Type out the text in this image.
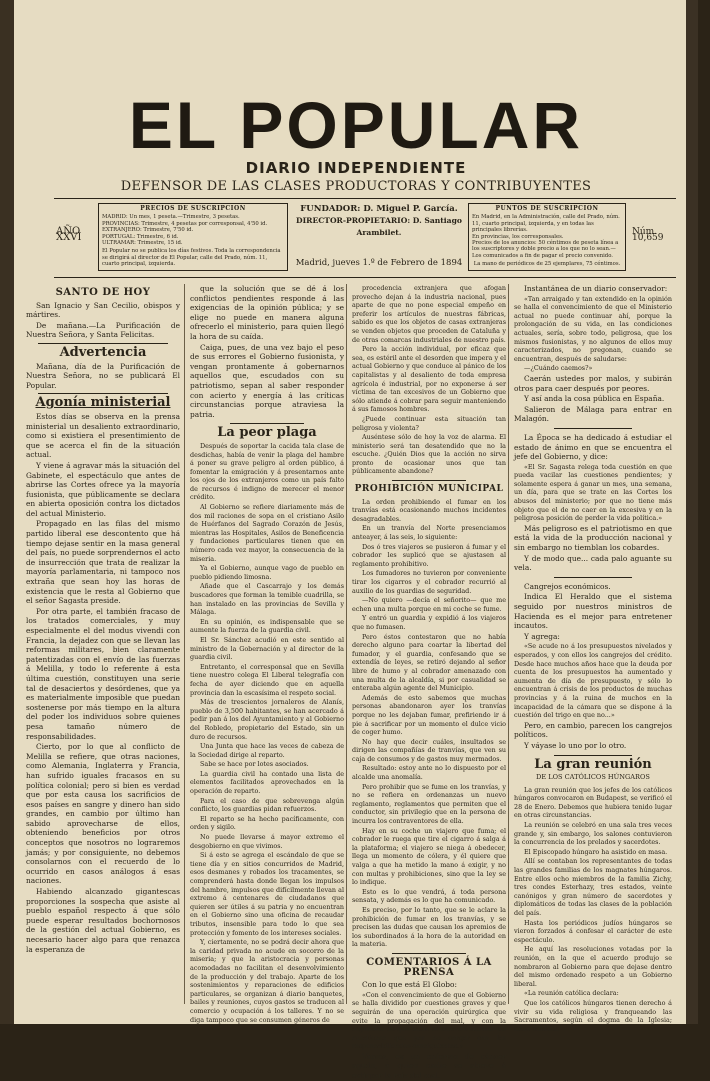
EL POPULAR
DIARIO INDEPENDIENTE
DEFENSOR DE LAS CLASES PRODUCTORAS Y CONTRIBUYENTES
AÑO XXVI
PRECIOS DE SUSCRIPCION
MADRID: Un mes, 1 peseta.—Trimestre, 3 pesetas.
PROVINCIAS: Trimestre, 4 pesetas por corresponsal, 4'50 id.
EXTRANJERO: Trimestre, 7'50 id.
PORTUGAL: Trimestre, 6 id.
ULTRAMAR: Trimestre, 15 id.
El Popular no se publica los días festivos. Toda la correspondencia se dirigirá al director de El Popular, calle del Prado, núm. 11, cuarto principal, izquierda.
FUNDADOR: D. Miguel P. García.
DIRECTOR-PROPIETARIO: D. Santiago Arambilet.
Madrid, jueves 1.º de Febrero de 1894
PUNTOS DE SUSCRIPCION
En Madrid, en la Administración, calle del Prado, núm. 11, cuarto principal, izquierda, y en todas las principales librerías.
En provincias, los corresponsales.
Precios de los anuncios: 50 céntimos de peseta línea a los suscriptores y doble precio a los que no lo sean.—Los comunicados a fin de pagar el precio convenido.
La mano de periódicos de 25 ejemplares, 75 céntimos.
Núm. 10,659
SANTO DE HOY

San Ignacio y San Cecilio, obispos y mártires.

De mañana.—La Purificación de Nuestra Señora, y Santa Felicitas.

Advertencia

Mañana, día de la Purificación de Nuestra Señora, no se publicará El Popular.

Agonía ministerial

Estos días se observa en la prensa ministerial un desaliento extraordinario, como si existiera el presentimiento de que se acerca el fin de la situación actual.

Y viene á agravar más la situación del Gabinete, el espectáculo que antes de abrirse las Cortes ofrece ya la mayoría fusionista, que públicamente se declara en abierta oposición contra los dictados del actual Ministerio.

Propagado en las filas del mismo partido liberal ese descontento que há tiempo dejase sentir en la masa general del país, no puede sorprendernos el acto de insurrección que trata de realizar la mayoría parlamentaria, ni tampoco nos extraña que sean hoy las horas de existencia que le resta al Gobierno que el señor Sagasta preside.

Por otra parte, el también fracaso de los tratados comerciales, y muy especialmente el del modus vivendi con Francia, la dejadez con que se llevan las reformas militares, bien claramente patentizadas con el envío de las fuerzas á Melilla, y todo lo referente á esta última cuestión, constituyen una serie tal de desaciertos y desórdenes, que ya es materialmente imposible que puedan sostenerse por más tiempo en la altura del poder los individuos sobre quienes pesa tamaño número de responsabilidades.

Cierto, por lo que al conflicto de Melilla se refiere, que otras naciones, como Alemania, Inglaterra y Francia, han sufrido iguales fracasos en su política colonial; pero si bien es verdad que por esta causa los sacrificios de esos países en sangre y dinero han sido grandes, en cambio por último han sabido aprovecharse de ellos, obteniendo beneficios por otros conceptos que nosotros no lograremos jamás; y por consiguiente, no debemos consolarnos con el recuerdo de lo ocurrido en casos análogos á esas naciones.

Habiendo alcanzado gigantescas proporciones la sospecha que asiste al pueblo español respecto á que sólo puede esperar resultados bochornosos de la gestión del actual Gobierno, es necesario hacer algo para que renazca la esperanza de

que la solución que se dé á los conflictos pendientes responde á las exigencias de la opinión pública; y se elige no puede en manera alguna ofrecerlo el ministerio, para quien llegó la hora de su caída.

Caiga, pues, de una vez bajo el peso de sus errores el Gobierno fusionista, y vengan prontamente á gobernarnos aquellos que, escudados con su patriotismo, sepan al saber responder con acierto y energía á las críticas circunstancias porque atraviesa la patria.

La peor plaga

Después de soportar la cacida tala clase de desdichas, había de venir la plaga del hambre á poner su grave peligro al orden público, á fomentar la emigración y á presentarnos ante los ojos de los extranjeros como un país falto de recursos é indigno de merecer el menor crédito.

Al Gobierno se refiere diariamente más de dos mil raciones de sopa en el cristiano Asilo de Huérfanos del Sagrado Corazón de Jesús, mientras las Hospitales, Asilos de Beneficencia y fundaciones particulares tienen que en número cada vez mayor, la consecuencia de la miseria.

Ya el Gobierno, aunque vago de pueblo en pueblo pidiendo limosna.

Añade que el Cascarrajo y los demás buscadores que forman la temible cuadrilla, se han instalado en las provincias de Sevilla y Málaga.

En su opinión, es indispensable que se aumente la fuerza de la guardia civil.

El Sr. Sánchez acudió en este sentido al ministro de la Gobernación y al director de la guardia civil.

Entretanto, el corresponsal que en Sevilla tiene nuestro colega El Liberal telegrafía con fecha de ayer diciendo que en aquella provincia dan la escasísima el respeto social.

Más de trescientos jornaleros de Alanís, pueblo de 3,500 habitantes, se han acercado á pedir pan á los del Ayuntamiento y al Gobierno del Robledo, propietario del Estado, sin un duro de recursos.

Una Junta que hace las veces de cabeza de la Sociedad dirige al reparto.

Sabe se hace por lotes asociados.

La guardia civil ha contado una lista de elementos facilitados aprovechados en la operación de reparto.

Para el caso de que sobrevenga algún conflicto, los guardias pidan refuerzos.

El reparto se ha hecho pacíficamente, con orden y sigilo.

No puede llevarse á mayor extremo el desgobierno en que vivimos.

Si á esto se agrega el escándalo de que se tiene día y en sitios concurridos de Madrid, esos desmanes y robados los tracamentes, se comprenderá hasta donde llegan los impulsos del hambre, impulsos que difícilmente llevan al extremo á centenares de ciudadanos que quieren ser útiles á su patria y no encuentran en el Gobierno sino una oficina de recaudar tributos, insensible para todo lo que sea protección y fomento de los intereses sociales.

Y, ciertamente, no se podrá decir ahora que la caridad privada no acude en socorro de la miseria; y que la aristocracia y personas acomodadas no facilitan el desenvolvimiento de la producción y del trabajo. Aparte de los sostenimientos y reparaciones de edificios particulares, se organizan á diario banquetes, bailes y reuniones, cuyos gastos se traducen al comercio y ocupación á los talleres. Y no se diga tampoco que se consumen géneros de

procedencia extranjera que afogan provecho dejan á la industria nacional, pues aparte de que no pone especial empeño en preferir los artículos de nuestras fábricas, sabido es que los objetos de casas extranjeras se venden objetos que proceden de Cataluña y de otras comarcas industriales de nuestro país.

Pero la acción individual, por eficaz que sea, es estéril ante el desorden que impera y el actual Gobierno y que conduce al pánico de los capitalistas y al desaliento de toda empresa agrícola é industrial, por no exponerse á ser víctima de tan excesivos de un Gobierno que sólo atiende á cobrar para seguir manteniendo á sus famosos hombres.

¿Puede continuar esta situación tan peligrosa y violenta?

Auséntese sólo de hoy la voz de alarma. El ministerio será tan desatendido que no la escuche. ¿Quién Dios que la acción no sirva pronto de ocasionar unos que tan públicamente abandone?

PROHIBICIÓN MUNICIPAL

La orden prohibiendo el fumar en los tranvías está ocasionando muchos incidentes desagradables.

En un tranvía del Norte presenciamos anteayer, á las seis, lo siguiente:

Dos ó tres viajeros se pusieron á fumar y el cobrador les suplicó que se ajustasen al reglamento prohibitivo.

Los fumadores no tuvieron por conveniente tirar los cigarros y el cobrador recurrió al auxilio de los guardias de seguridad.

—No quiero —decía el señorito— que me echen una multa porque en mi coche se fume.

Y entró un guardia y expidió á los viajeros que no fumasen.

Pero éstos contestaron que no había derecho alguno para coartar la libertad del fumador, y el guardia, confesando que se extendía de leyes, se retiró dejando al señor libre de humo y al cobrador amenazado con una multa de la alcaldía, si por casualidad se enteraba algún agente del Municipio.

Además de esto sabemos que muchas personas abandonaron ayer los tranvías porque no les dejaban fumar, prefiriendo ir á pie á sacrificar por un momento el dulce vicio de coger humo.

No hay que decir cuáles, insultados se dirigen las compañías de tranvías, que ven su caja de consumos y de gastos muy mermados.

Resultado: estoy ante no lo dispuesto por el alcalde una anomalía.

Pero prohibir que se fume en los tranvías, y no se refiera en ordenanzas un nuevo reglamento, reglamentos que permiten que el conductor, sin privilegio que en la persona de incurra los contraventores de ella.

Hay en su coche un viajero que fuma; el cobrador le ruega que tire el cigarro á salga á la plataforma; el viajero se niega á obedecer, llega un momento de cólera, y él quiere que valga a que ha metido la mano á exigir, y no con multas y prohibiciones, sino que la ley se lo indique.

Esto es lo que vendrá, á toda persona sensata, y además es lo que ha comunicado.

Es preciso, por lo tanto, que se le aclare la prohibición de fumar en los tranvías, y se precisen las dudas que causan los apremios de los subordinados á la hora de la autoridad en la materia.

COMENTARIOS Á LA PRENSA

Con lo que está El Globo:

«Con el convencimiento de que el Gobierno se halla dividido por cuestiones graves y que seguirán de una operación quirúrgica que evite la propagación del mal, y con la seguridad de que nadie se atreve á afirmar las cuestiones que por no cargar con las responsabilidades consiguientes.»

Vamos, es un enfermo de cáncer agudo, á quien nadie se atreve á extirpar la raíz del mal.

Instantánea de un diario conservador:

«Tan arraigado y tan extendido en la opinión se halla el convencimiento de que el Ministerio actual no puede continuar ahí, porque la prolongación de su vida, en las condiciones actuales, sería, sobre todo, peligrosa, que los mismos fusionistas, y no algunos de ellos muy caracterizados, no pregonan, cuando se encuentran, después de saludarse:

—¿Cuándo caemos?»

Caerán ustedes por malos, y subirán otros para caer después por peores.

Y así anda la cosa pública en España.

Salieron de Málaga para entrar en Malagón.

La Época se ha dedicado á estudiar el estado de ánimo en que se encuentra el jefe del Gobierno, y dice:

«El Sr. Sagasta relega toda cuestión en que pueda vacilar las cuestiones pendientes; y solamente espera á ganar un mes, una semana, un día, para que se trate en las Cortes los abusos del ministerio; por que no tiene más objeto que el de no caer en la excesiva y en la peligrosa posición de perder la vida política.»

Más peligroso es el patriotismo en que está la vida de la producción nacional y sin embargo no tiemblan los cobardes.

Y de modo que... cada palo aguante su vela.

Cangrejos económicos.

Indica El Heraldo que el sistema seguido por nuestros ministros de Hacienda es el mejor para entretener incautos.

Y agrega:

«Se acude no á los presupuestos nivelados y esperados, y con ellos los cangrejos del crédito. Desde hace muchos años hace que la deuda por cuenta de los presupuestos ha aumentado y aumenta de día de presupuesto, y sólo lo encuentran á crisis de los productos de muchas provincias y á la ruina de muchos en la incapacidad de la cámara que se dispone á la cuestión del trigo en que no...»

Pero, en cambio, parecen los cangrejos políticos.

Y váyase lo uno por lo otro.

La gran reunión
DE LOS CATÓLICOS HÚNGAROS

La gran reunión que los jefes de los católicos húngaros convocaron en Budapest, se verificó el 28 de Enero. Debemos que hubiera tenido lugar en otras circunstancias.

La reunión se celebró en una sala tres veces grande y, sin embargo, los salones contuvieron la concurrencia de los prelados y sacerdotes.

El Episcopado húngaro ha asistido en masa.

Allí se contaban los representantes de todas las grandes familias de los magnates húngaros. Entre ellos ocho miembros de la familia Zichy, tres condes Esterhazy, tres estados, veinte canónigos y gran número de sacerdotes y diplomáticos de todas las clases de la población del país.

Hasta los periódicos judíos húngaros se vieron forzados á confesar el carácter de este espectáculo.

He aquí las resoluciones votadas por la reunión, en la que el acuerdo produjo se nombraron al Gobierno para que dejase dentro del mismo ordenado respeto a un Gobierno liberal.

«La reunión católica declara:

Que los católicos húngaros tienen derecho á vivir su vida religiosa y franqueando las Sacramentos, según el dogma de la Iglesia; tiene también
